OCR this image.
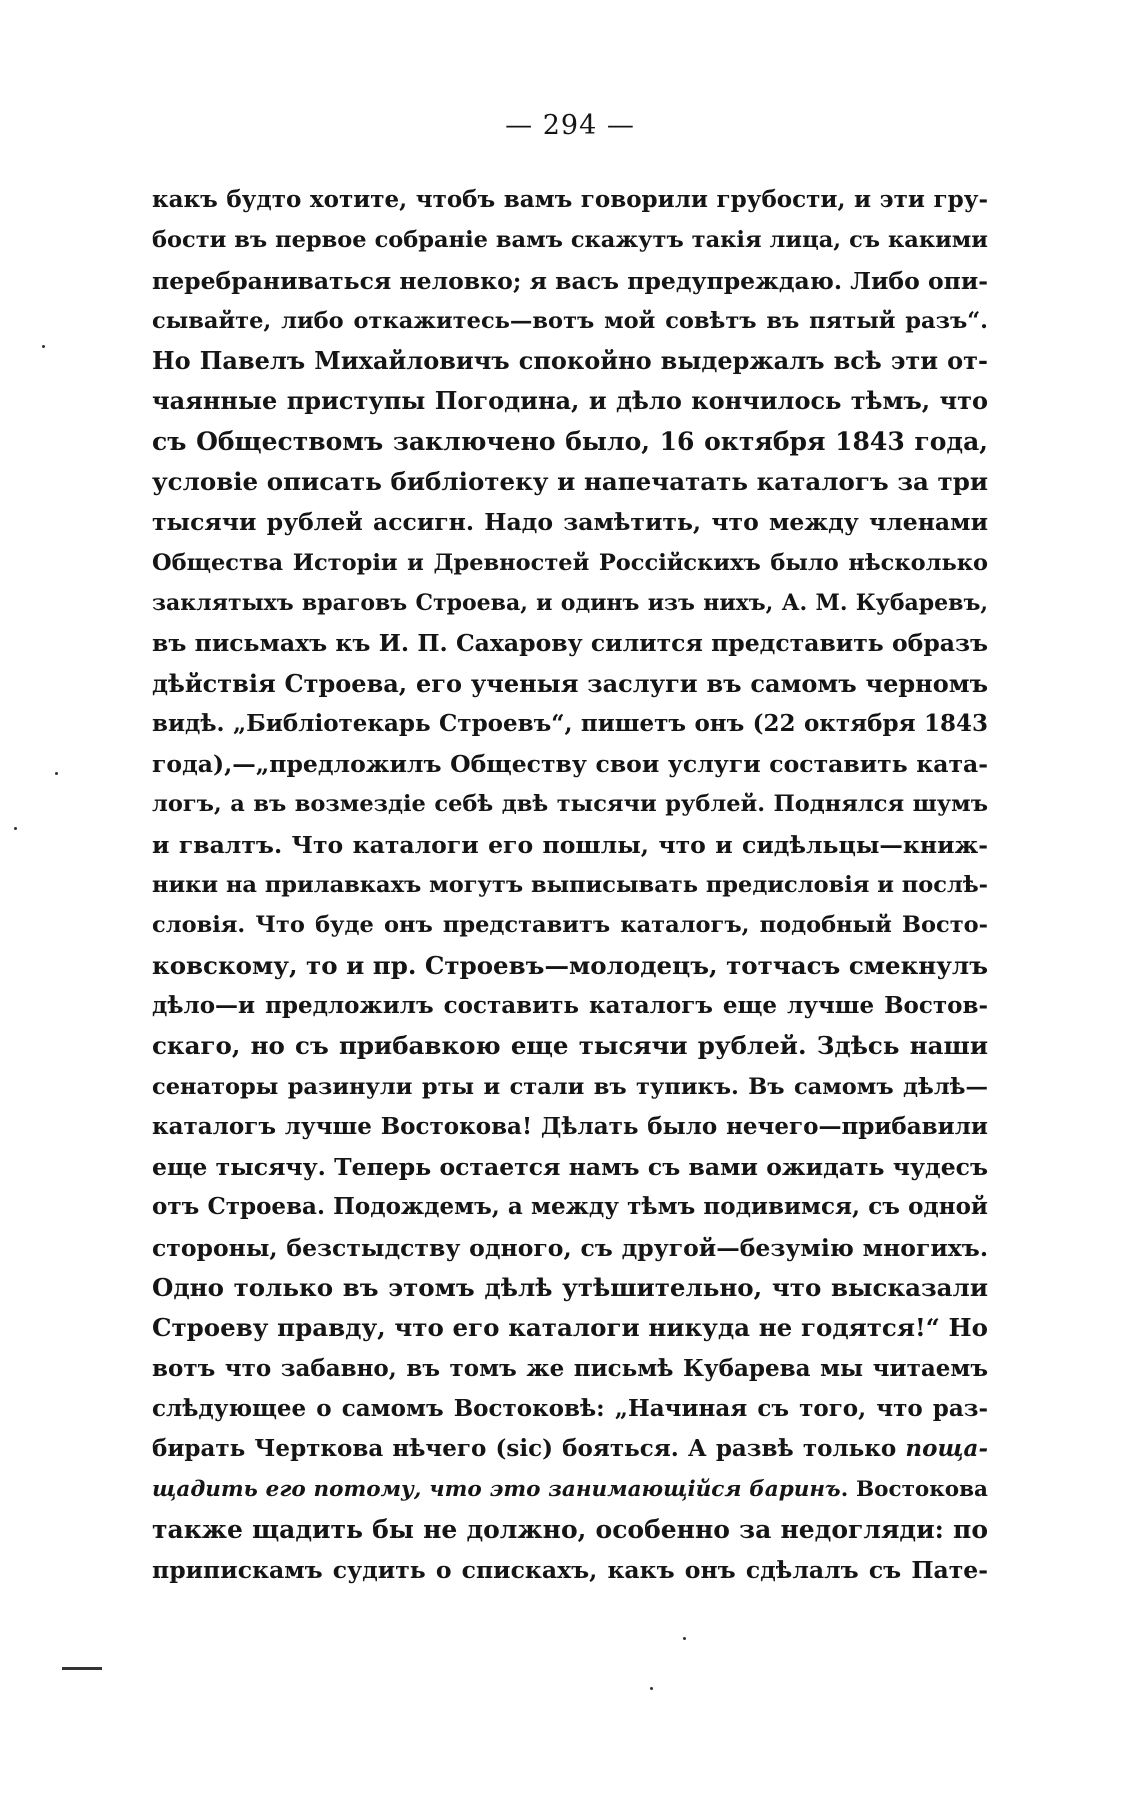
— 294 —
какъ будто хотите, чтобъ вамъ говорили грубости, и эти гру-
бости въ первое собраніе вамъ скажутъ такія лица, съ какими
перебраниваться неловко; я васъ предупреждаю. Либо опи-
сывайте, либо откажитесь—вотъ мой совѣтъ въ пятый разъ“.
Но Павелъ Михайловичъ спокойно выдержалъ всѣ эти от-
чаянные приступы Погодина, и дѣло кончилось тѣмъ, что
съ Обществомъ заключено было, 16 октября 1843 года,
условіе описать библіотеку и напечатать каталогъ за три
тысячи рублей ассигн. Надо замѣтить, что между членами
Общества Исторіи и Древностей Россійскихъ было нѣсколько
заклятыхъ враговъ Строева, и одинъ изъ нихъ, А. М. Кубаревъ,
въ письмахъ къ И. П. Сахарову силится представить образъ
дѣйствія Строева, его ученыя заслуги въ самомъ черномъ
видѣ. „Библіотекарь Строевъ“, пишетъ онъ (22 октября 1843
года),—„предложилъ Обществу свои услуги составить ката-
логъ, а въ возмездіе себѣ двѣ тысячи рублей. Поднялся шумъ
и гвалтъ. Что каталоги его пошлы, что и сидѣльцы—книж-
ники на прилавкахъ могутъ выписывать предисловія и послѣ-
словія. Что буде онъ представитъ каталогъ, подобный Восто-
ковскому, то и пр. Строевъ—молодецъ, тотчасъ смекнулъ
дѣло—и предложилъ составить каталогъ еще лучше Востов-
скаго, но съ прибавкою еще тысячи рублей. Здѣсь наши
сенаторы разинули рты и стали въ тупикъ. Въ самомъ дѣлѣ—
каталогъ лучше Востокова! Дѣлать было нечего—прибавили
еще тысячу. Теперь остается намъ съ вами ожидать чудесъ
отъ Строева. Подождемъ, а между тѣмъ подивимся, съ одной
стороны, безстыдству одного, съ другой—безумію многихъ.
Одно только въ этомъ дѣлѣ утѣшительно, что высказали
Строеву правду, что его каталоги никуда не годятся!“ Но
вотъ что забавно, въ томъ же письмѣ Кубарева мы читаемъ
слѣдующее о самомъ Востоковѣ: „Начиная съ того, что раз-
бирать Черткова нѣчего (sic) бояться. А развѣ только поща-
щадить его потому, что это занимающійся баринъ. Востокова
также щадить бы не должно, особенно за недогляди: по
припискамъ судить о спискахъ, какъ онъ сдѣлалъ съ Пате-
